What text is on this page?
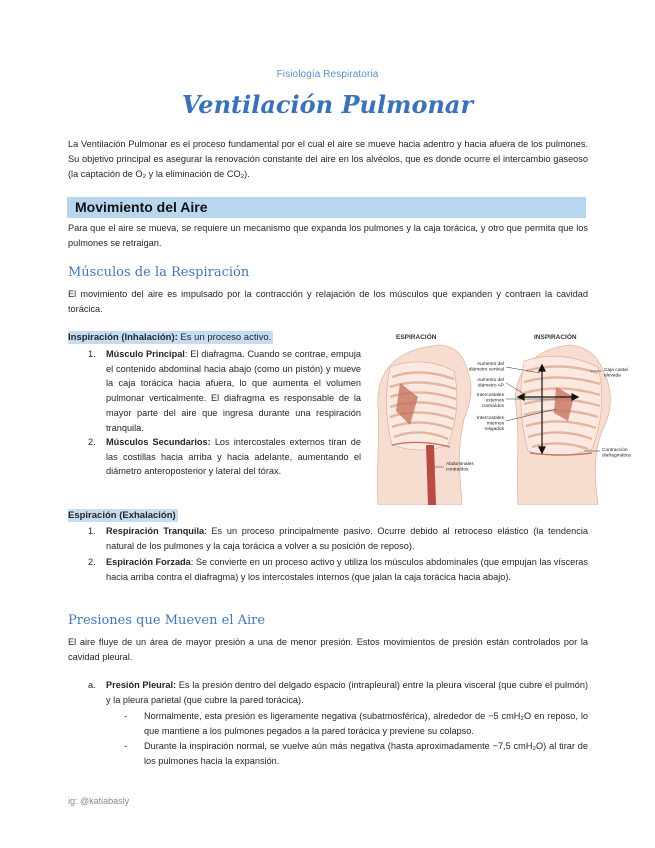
Fisiología Respiratoria
Ventilación Pulmonar

La Ventilación Pulmonar es el proceso fundamental por el cual el aire se mueve hacia adentro y hacia afuera de los pulmones. Su objetivo principal es asegurar la renovación constante del aire en los alvéolos, que es donde ocurre el intercambio gaseoso (la captación de O₂ y la eliminación de CO₂).

Movimiento del Aire

Para que el aire se mueva, se requiere un mecanismo que expanda los pulmones y la caja torácica, y otro que permita que los pulmones se retraigan.

Músculos de la Respiración

El movimiento del aire es impulsado por la contracción y relajación de los músculos que expanden y contraen la cavidad torácica.

Inspiración (Inhalación): Es un proceso activo.

1. Músculo Principal: El diafragma. Cuando se contrae, empuja el contenido abdominal hacia abajo (como un pistón) y mueve la caja torácica hacia afuera, lo que aumenta el volumen pulmonar verticalmente. El diafragma es responsable de la mayor parte del aire que ingresa durante una respiración tranquila.

2. Músculos Secundarios: Los intercostales externos tiran de las costillas hacia arriba y hacia adelante, aumentando el diámetro anteroposterior y lateral del tórax.

ESPIRACIÓN	INSPIRACIÓN
Aumento del
diámetro vertical
Aumento del
diámetro AP
Intercostales
externos
contraídos
Intercostales
internos
relajados
Abdominales
contraídos
Caja costal
elevada
Contracción
diafragmática
Espiración (Exhalación)

1. Respiración Tranquila: Es un proceso principalmente pasivo. Ocurre debido al retroceso elástico (la tendencia natural de los pulmones y la caja torácica a volver a su posición de reposo).

2. Espiración Forzada: Se convierte en un proceso activo y utiliza los músculos abdominales (que empujan las vísceras hacia arriba contra el diafragma) y los intercostales internos (que jalan la caja torácica hacia abajo).

Presiones que Mueven el Aire

El aire fluye de un área de mayor presión a una de menor presión. Estos movimientos de presión están controlados por la cavidad pleural.

a. Presión Pleural: Es la presión dentro del delgado espacio (intrapleural) entre la pleura visceral (que cubre el pulmón) y la pleura parietal (que cubre la pared torácica).

- Normalmente, esta presión es ligeramente negativa (subatmosférica), alrededor de −5 cmH₂O en reposo, lo que mantiene a los pulmones pegados a la pared torácica y previene su colapso.

- Durante la inspiración normal, se vuelve aún más negativa (hasta aproximadamente −7,5 cmH₂O) al tirar de los pulmones hacia la expansión.

ig: @katiabasly
